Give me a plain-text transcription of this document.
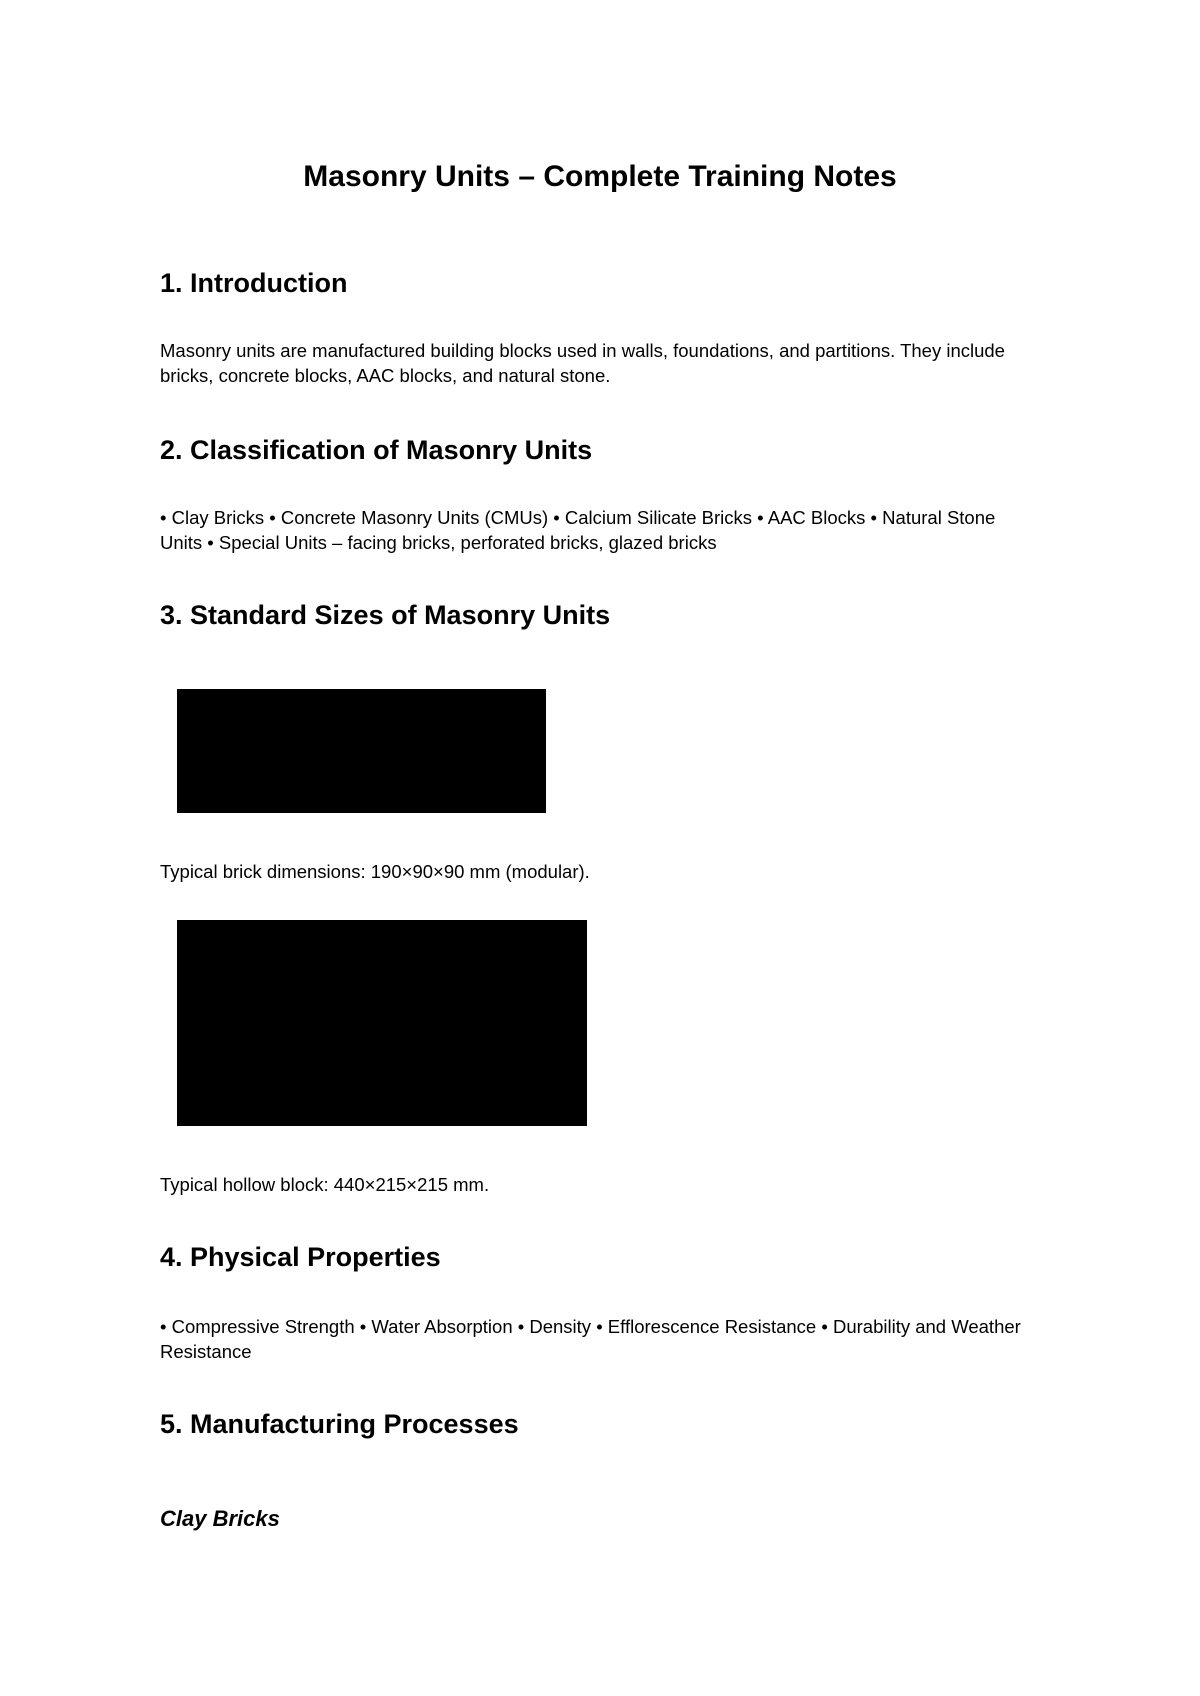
Masonry Units – Complete Training Notes
1. Introduction

Masonry units are manufactured building blocks used in walls, foundations, and partitions. They include bricks, concrete blocks, AAC blocks, and natural stone.

2. Classification of Masonry Units

• Clay Bricks • Concrete Masonry Units (CMUs) • Calcium Silicate Bricks • AAC Blocks • Natural Stone Units • Special Units – facing bricks, perforated bricks, glazed bricks

3. Standard Sizes of Masonry Units

Typical brick dimensions: 190×90×90 mm (modular).

Typical hollow block: 440×215×215 mm.

4. Physical Properties

• Compressive Strength • Water Absorption • Density • Efflorescence Resistance • Durability and Weather Resistance

5. Manufacturing Processes
Clay Bricks
